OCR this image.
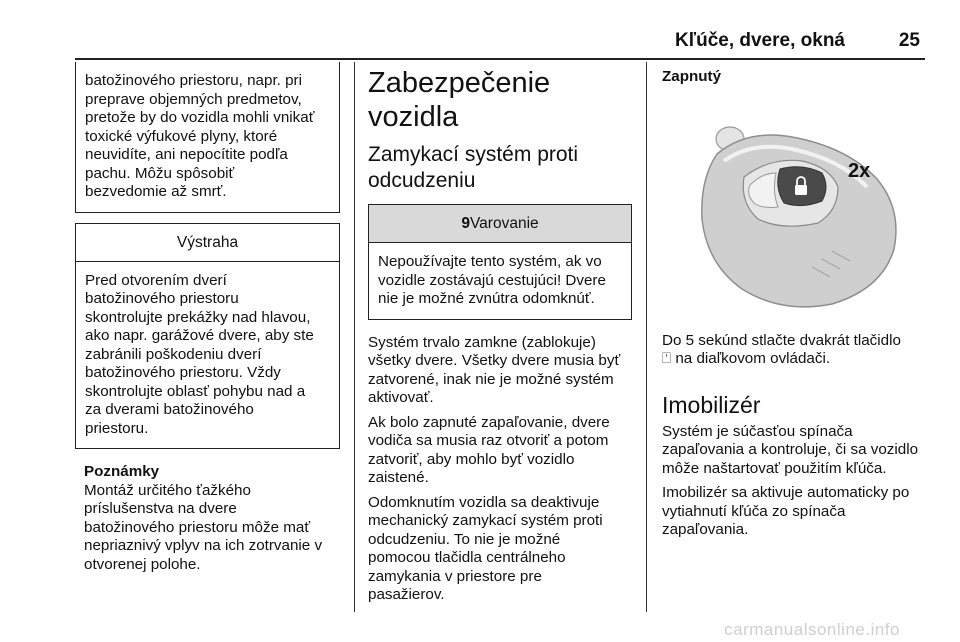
Kľúče, dvere, okná	25

batožinového priestoru, napr. pri
preprave objemných predmetov,
pretože by do vozidla mohli vnikať
toxické výfukové plyny, ktoré
neuvidíte, ani nepocítite podľa
pachu. Môžu spôsobiť
bezvedomie až smrť.

Výstraha

Pred otvorením dverí
batožinového priestoru
skontrolujte prekážky nad hlavou,
ako napr. garážové dvere, aby ste
zabránili poškodeniu dverí
batožinového priestoru. Vždy
skontrolujte oblasť pohybu nad a
za dverami batožinového
priestoru.

Poznámky

Montáž určitého ťažkého
príslušenstva na dvere
batožinového priestoru môže mať
nepriaznivý vplyv na ich zotrvanie v
otvorenej polohe.

Zabezpečenie vozidla
Zamykací systém proti
odcudzeniu
9Varovanie

Nepoužívajte tento systém, ak vo
vozidle zostávajú cestujúci! Dvere
nie je možné zvnútra odomknúť.

Systém trvalo zamkne (zablokuje)
všetky dvere. Všetky dvere musia byť
zatvorené, inak nie je možné systém
aktivovať.

Ak bolo zapnuté zapaľovanie, dvere
vodiča sa musia raz otvoriť a potom
zatvoriť, aby mohlo byť vozidlo
zaistené.

Odomknutím vozidla sa deaktivuje
mechanický zamykací systém proti
odcudzeniu. To nie je možné
pomocou tlačidla centrálneho
zamykania v priestore pre
pasažierov.

Zapnutý

2x

Do 5 sekúnd stlačte dvakrát tlačidlo
⍞ na diaľkovom ovládači.

Imobilizér

Systém je súčasťou spínača
zapaľovania a kontroluje, či sa vozidlo
môže naštartovať použitím kľúča.

Imobilizér sa aktivuje automaticky po
vytiahnutí kľúča zo spínača
zapaľovania.

carmanualsonline.info
